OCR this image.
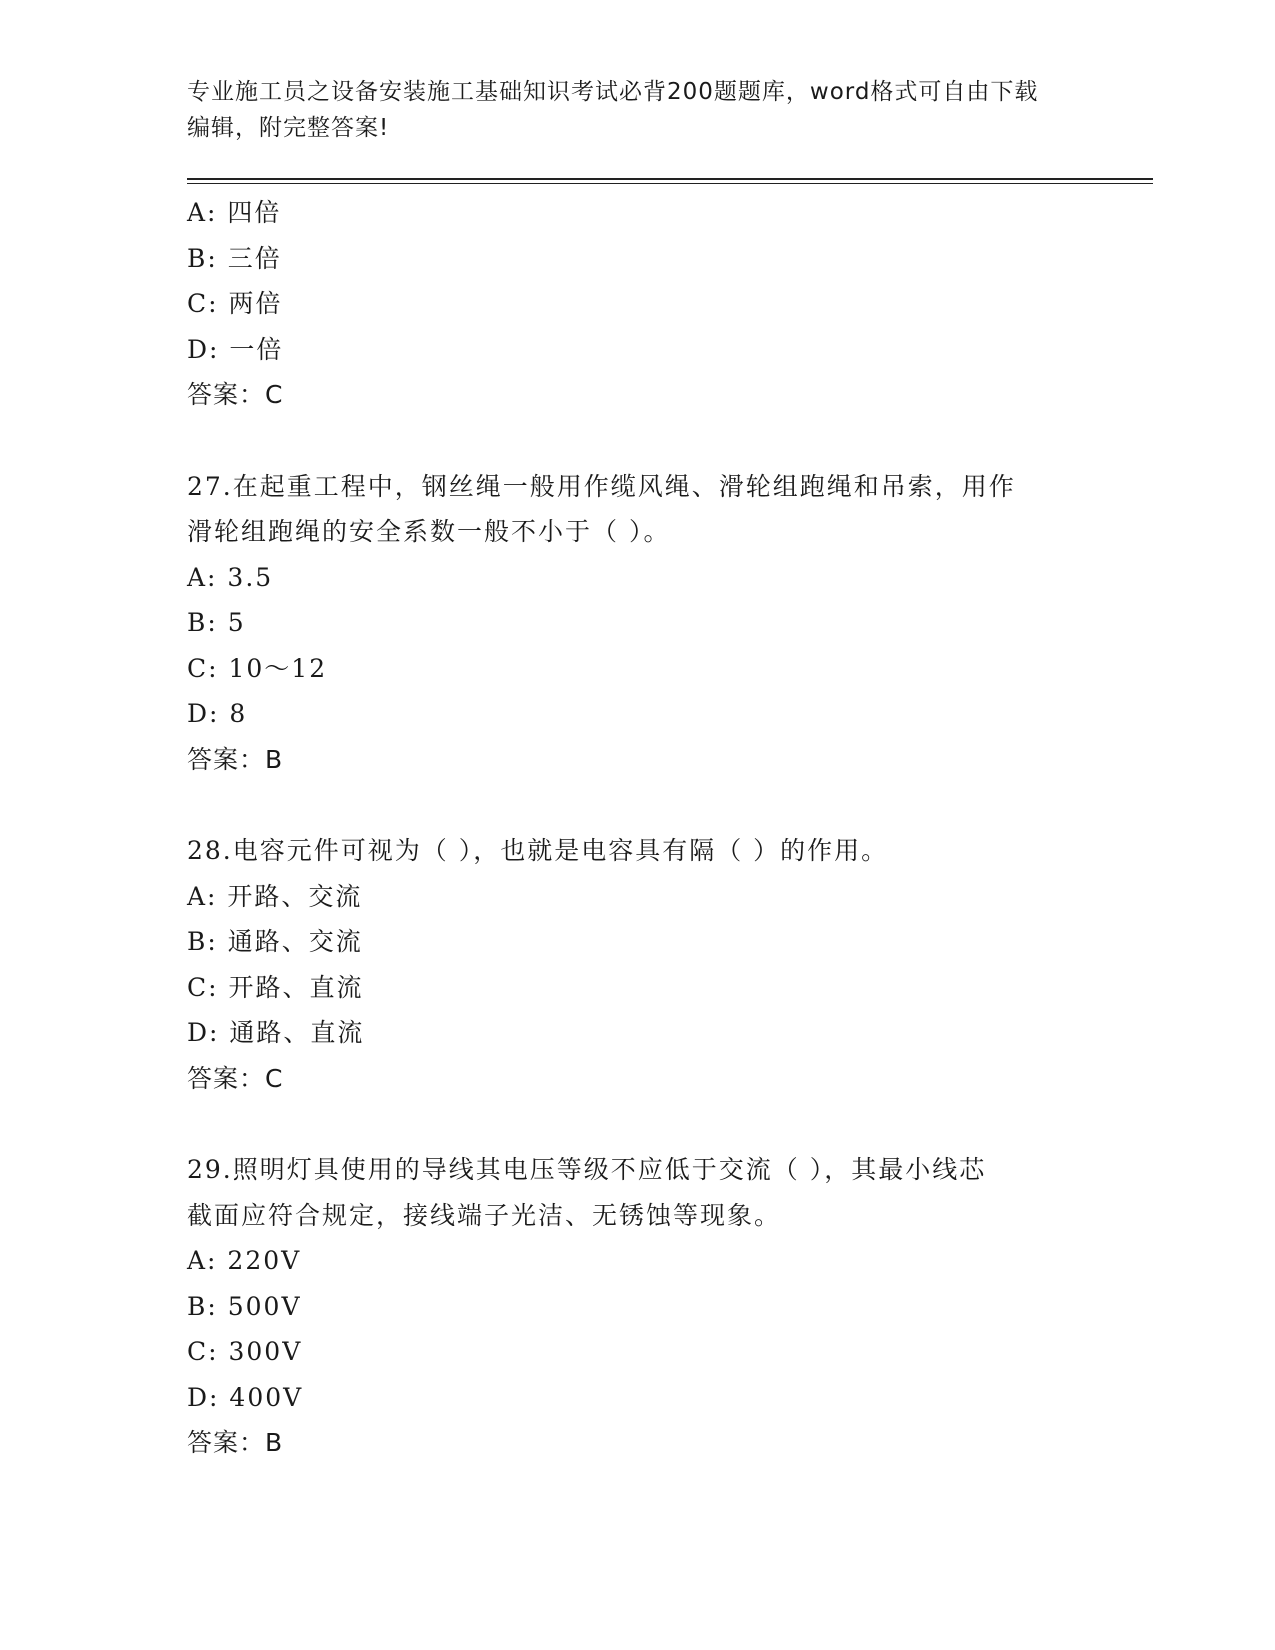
专业施工员之设备安装施工基础知识考试必背200题题库，word格式可自由下载
编辑，附完整答案!
A: 四倍
B: 三倍
C: 两倍
D: 一倍
答案：C
27.在起重工程中，钢丝绳一般用作缆风绳、滑轮组跑绳和吊索，用作
滑轮组跑绳的安全系数一般不小于（ ）。
A: 3.5
B: 5
C: 10～12
D: 8
答案：B
28.电容元件可视为（ ），也就是电容具有隔（ ）的作用。
A: 开路、交流
B: 通路、交流
C: 开路、直流
D: 通路、直流
答案：C
29.照明灯具使用的导线其电压等级不应低于交流（ ），其最小线芯
截面应符合规定，接线端子光洁、无锈蚀等现象。
A: 220V
B: 500V
C: 300V
D: 400V
答案：B
